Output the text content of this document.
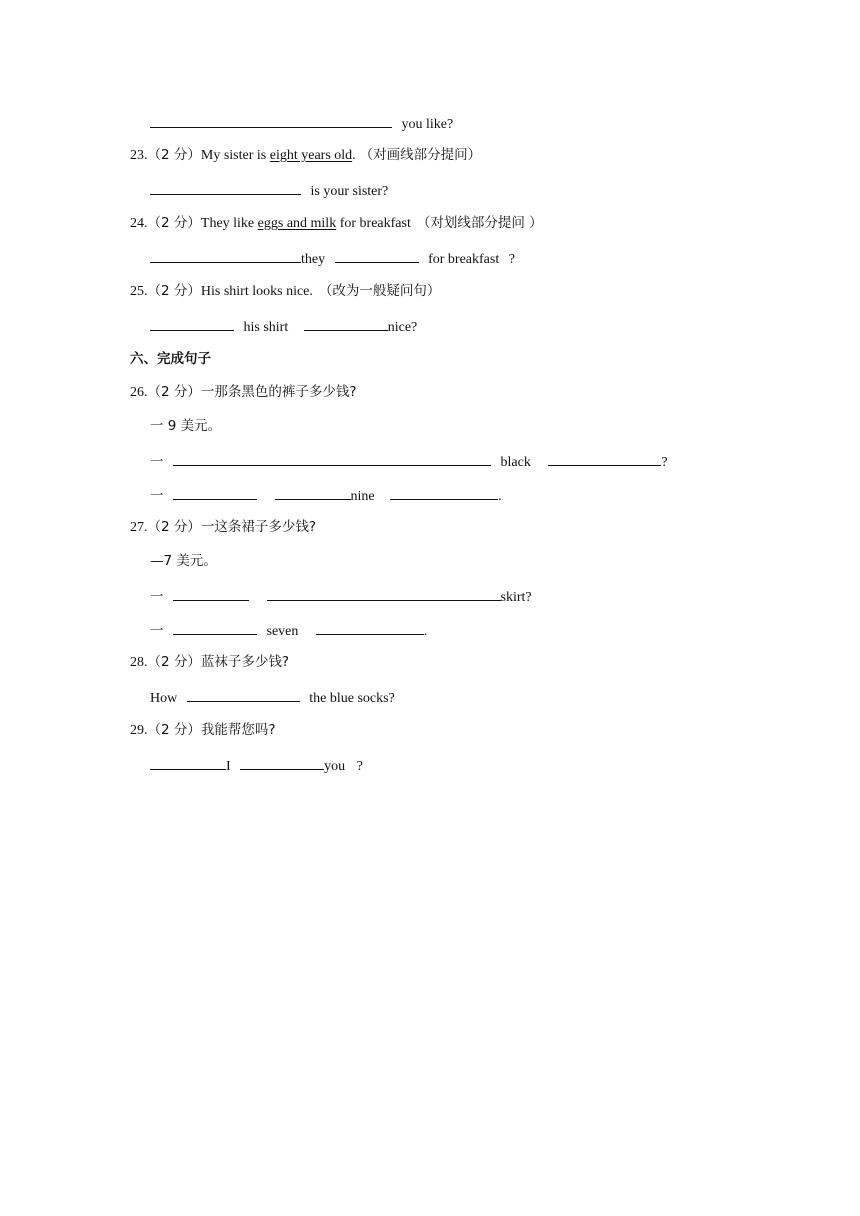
you like?
23.（2 分）My sister is eight years old. （对画线部分提问）
is your sister?
24.（2 分）They like eggs and milk for breakfast （对划线部分提问 ）
they	for breakfast ?
25.（2 分）His shirt looks nice. （改为一般疑问句）
his shirt	nice?
六、完成句子
26.（2 分）一那条黑色的裤子多少钱?
一 9 美元。
一	black	?
一	nine	.
27.（2 分）一这条裙子多少钱?
—7 美元。
一	skirt?
一	seven	.
28.（2 分）蓝袜子多少钱?
How	the blue socks?
29.（2 分）我能帮您吗?
I	you ?
